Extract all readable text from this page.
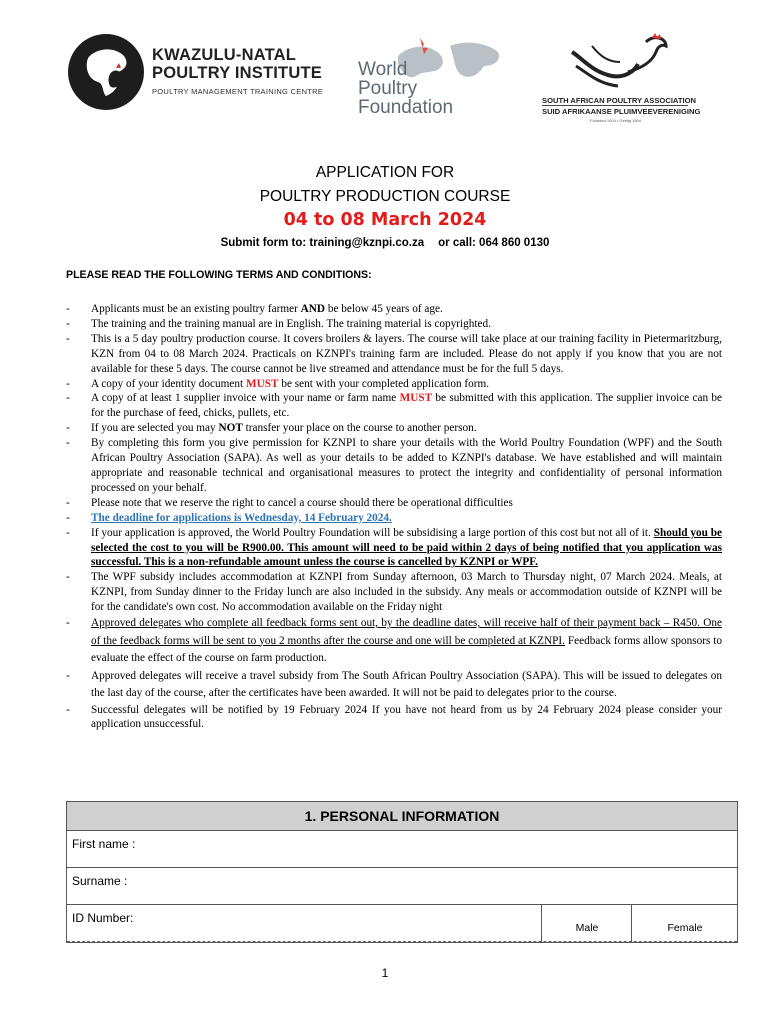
KWAZULU-NATAL
POULTRY INSTITUTE
POULTRY MANAGEMENT TRAINING CENTRE
World
Poultry
Foundation	SOUTH AFRICAN POULTRY ASSOCIATION
SUID AFRIKAANSE PLUIMVEEVERENIGING
Founded 1904 • Gestig 1904
APPLICATION FOR
POULTRY PRODUCTION COURSE
04 to 08 March 2024
Submit form to: training@kznpi.co.za or call: 064 860 0130
PLEASE READ THE FOLLOWING TERMS AND CONDITIONS:
- Applicants must be an existing poultry farmer AND be below 45 years of age.
- The training and the training manual are in English. The training material is copyrighted.
- This is a 5 day poultry production course. It covers broilers & layers. The course will take place at our training facility in Pietermaritzburg, KZN from 04 to 08 March 2024. Practicals on KZNPI's training farm are included. Please do not apply if you know that you are not available for these 5 days. The course cannot be live streamed and attendance must be for the full 5 days.
- A copy of your identity document MUST be sent with your completed application form.
- A copy of at least 1 supplier invoice with your name or farm name MUST be submitted with this application. The supplier invoice can be for the purchase of feed, chicks, pullets, etc.
- If you are selected you may NOT transfer your place on the course to another person.
- By completing this form you give permission for KZNPI to share your details with the World Poultry Foundation (WPF) and the South African Poultry Association (SAPA). As well as your details to be added to KZNPI's database. We have established and will maintain appropriate and reasonable technical and organisational measures to protect the integrity and confidentiality of personal information processed on your behalf.
- Please note that we reserve the right to cancel a course should there be operational difficulties
- The deadline for applications is Wednesday, 14 February 2024.
- If your application is approved, the World Poultry Foundation will be subsidising a large portion of this cost but not all of it. Should you be selected the cost to you will be R900.00. This amount will need to be paid within 2 days of being notified that you application was successful. This is a non-refundable amount unless the course is cancelled by KZNPI or WPF.
- The WPF subsidy includes accommodation at KZNPI from Sunday afternoon, 03 March to Thursday night, 07 March 2024. Meals, at KZNPI, from Sunday dinner to the Friday lunch are also included in the subsidy. Any meals or accommodation outside of KZNPI will be for the candidate's own cost. No accommodation available on the Friday night
- Approved delegates who complete all feedback forms sent out, by the deadline dates, will receive half of their payment back – R450. One of the feedback forms will be sent to you 2 months after the course and one will be completed at KZNPI. Feedback forms allow sponsors to evaluate the effect of the course on farm production.
- Approved delegates will receive a travel subsidy from The South African Poultry Association (SAPA). This will be issued to delegates on the last day of the course, after the certificates have been awarded. It will not be paid to delegates prior to the course.
- Successful delegates will be notified by 19 February 2024 If you have not heard from us by 24 February 2024 please consider your application unsuccessful.
1. PERSONAL INFORMATION
First name :
Surname :
ID Number:
Male	Female
1
